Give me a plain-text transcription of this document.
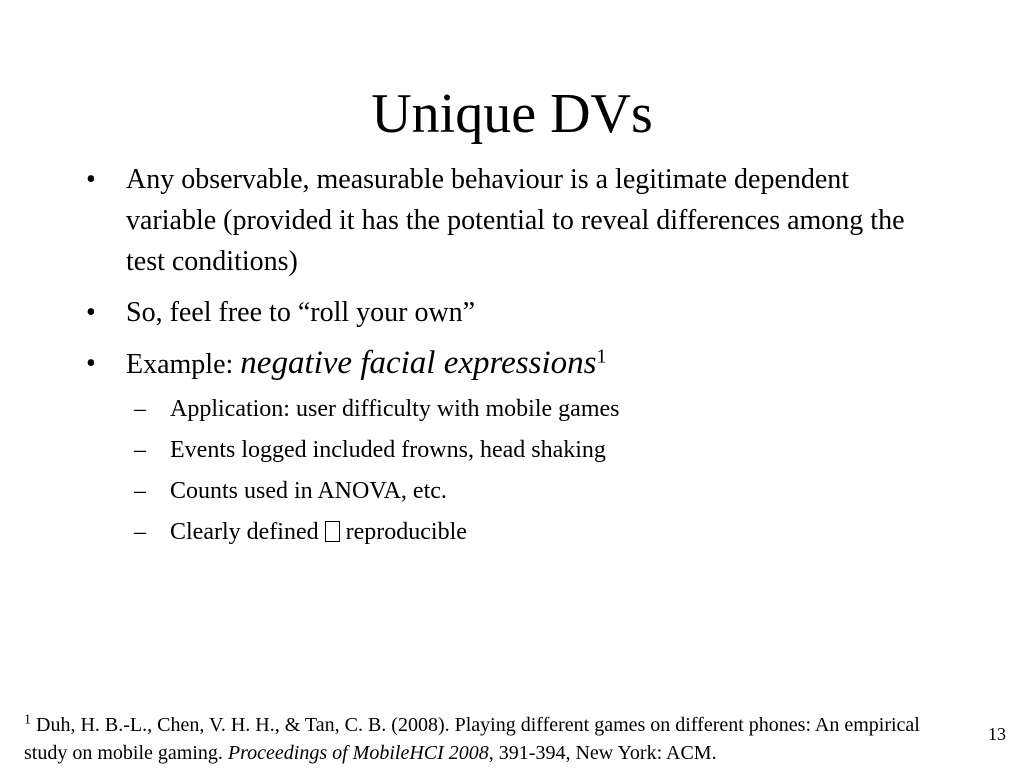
Unique DVs
• Any observable, measurable behaviour is a legitimate dependent variable (provided it has the potential to reveal differences among the test conditions)
• So, feel free to “roll your own”
• Example: negative facial expressions$^1$
– Application: user difficulty with mobile games
– Events logged included frowns, head shaking
– Counts used in ANOVA, etc.
– Clearly defined  reproducible
$^1$ Duh, H. B.-L., Chen, V. H. H., & Tan, C. B. (2008). Playing different games on different phones: An empirical study on mobile gaming. Proceedings of MobileHCI 2008, 391-394, New York: ACM.
13
